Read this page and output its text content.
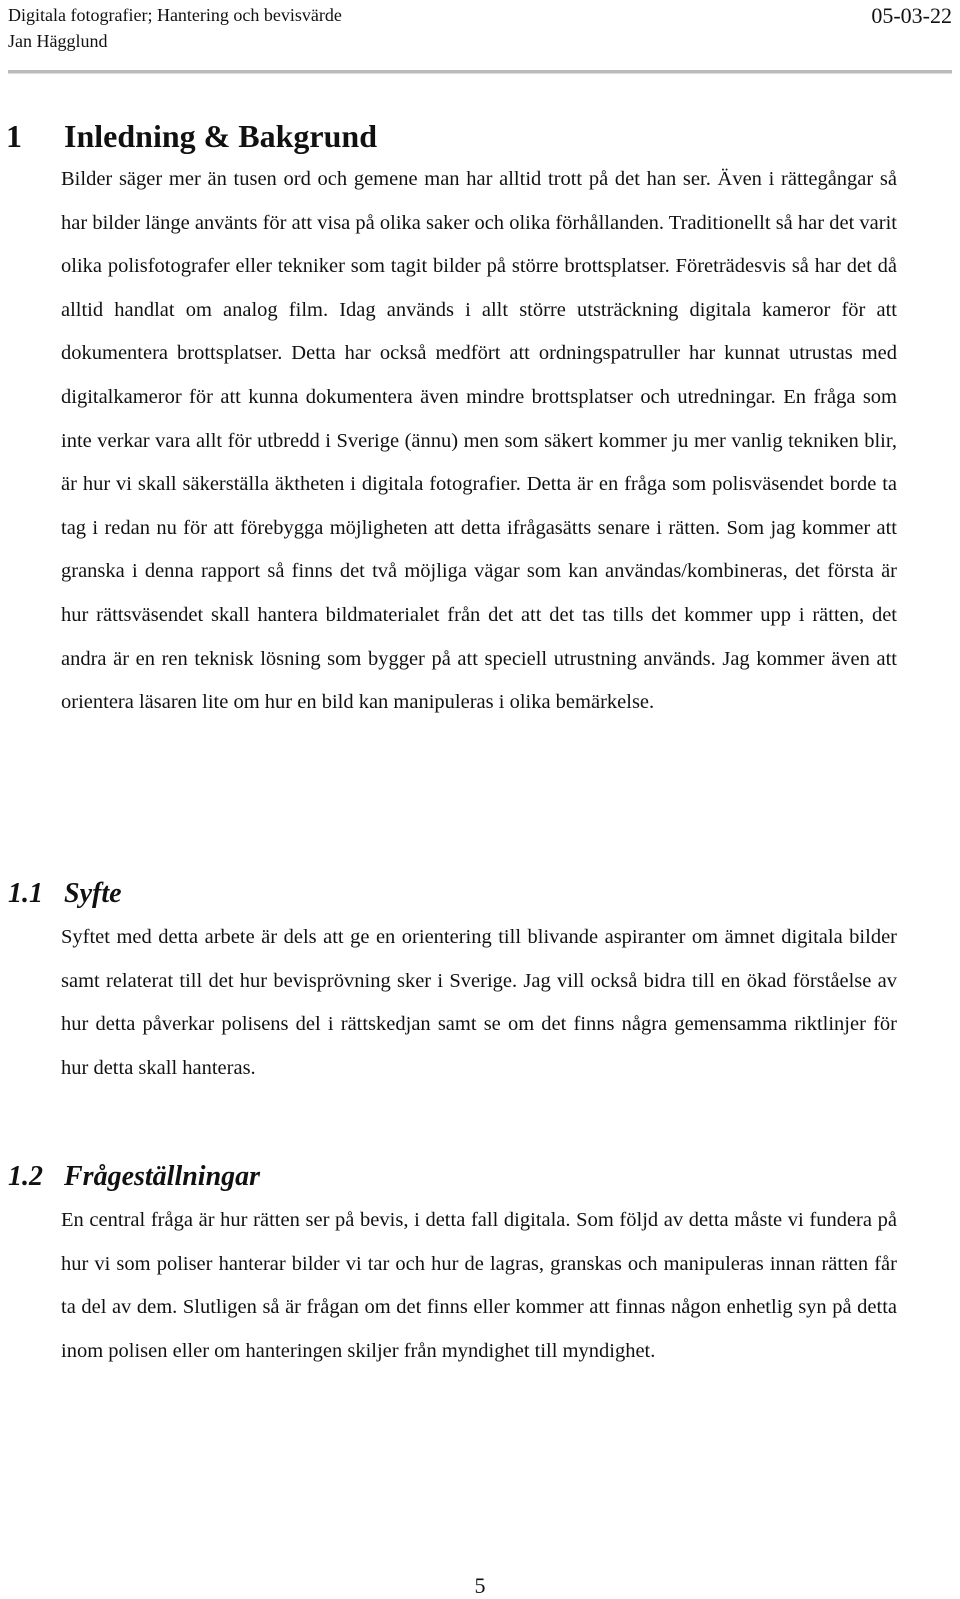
Digitala fotografier; Hantering och bevisvärde
Jan Hägglund
05-03-22
1 Inledning & Bakgrund

Bilder säger mer än tusen ord och gemene man har alltid trott på det han ser. Även i rättegångar så har bilder länge använts för att visa på olika saker och olika förhållanden. Traditionellt så har det varit olika polisfotografer eller tekniker som tagit bilder på större brottsplatser. Företrädesvis så har det då alltid handlat om analog film. Idag används i allt större utsträckning digitala kameror för att dokumentera brottsplatser. Detta har också medfört att ordningspatruller har kunnat utrustas med digitalkameror för att kunna dokumentera även mindre brottsplatser och utredningar. En fråga som inte verkar vara allt för utbredd i Sverige (ännu) men som säkert kommer ju mer vanlig tekniken blir, är hur vi skall säkerställa äktheten i digitala fotografier. Detta är en fråga som polisväsendet borde ta tag i redan nu för att förebygga möjligheten att detta ifrågasätts senare i rätten. Som jag kommer att granska i denna rapport så finns det två möjliga vägar som kan användas/kombineras, det första är hur rättsväsendet skall hantera bildmaterialet från det att det tas tills det kommer upp i rätten, det andra är en ren teknisk lösning som bygger på att speciell utrustning används. Jag kommer även att orientera läsaren lite om hur en bild kan manipuleras i olika bemärkelse.

1.1 Syfte

Syftet med detta arbete är dels att ge en orientering till blivande aspiranter om ämnet digitala bilder samt relaterat till det hur bevisprövning sker i Sverige. Jag vill också bidra till en ökad förståelse av hur detta påverkar polisens del i rättskedjan samt se om det finns några gemensamma riktlinjer för hur detta skall hanteras.

1.2 Frågeställningar

En central fråga är hur rätten ser på bevis, i detta fall digitala. Som följd av detta måste vi fundera på hur vi som poliser hanterar bilder vi tar och hur de lagras, granskas och manipuleras innan rätten får ta del av dem. Slutligen så är frågan om det finns eller kommer att finnas någon enhetlig syn på detta inom polisen eller om hanteringen skiljer från myndighet till myndighet.

5
